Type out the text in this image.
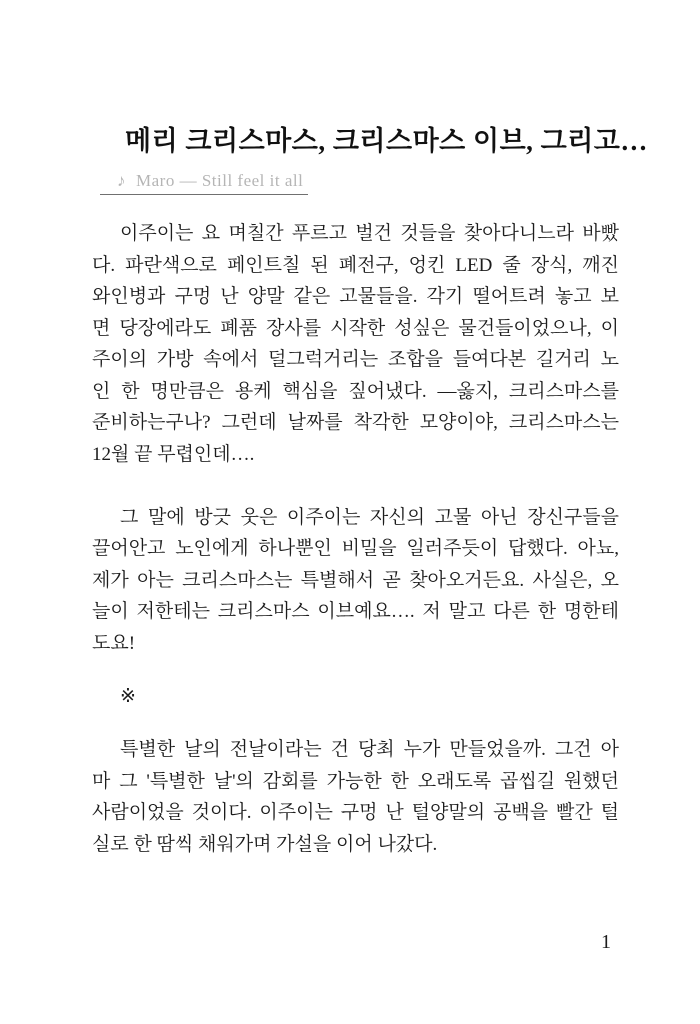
메리 크리스마스, 크리스마스 이브, 그리고…
♪ Maro — Still feel it all
이주이는 요 며칠간 푸르고 벌건 것들을 찾아다니느라 바빴
다. 파란색으로 페인트칠 된 폐전구, 엉킨 LED 줄 장식, 깨진
와인병과 구멍 난 양말 같은 고물들을. 각기 떨어트려 놓고 보
면 당장에라도 폐품 장사를 시작한 성싶은 물건들이었으나, 이
주이의 가방 속에서 덜그럭거리는 조합을 들여다본 길거리 노
인 한 명만큼은 용케 핵심을 짚어냈다. —옳지, 크리스마스를
준비하는구나? 그런데 날짜를 착각한 모양이야, 크리스마스는
12월 끝 무렵인데….
그 말에 방긋 웃은 이주이는 자신의 고물 아닌 장신구들을
끌어안고 노인에게 하나뿐인 비밀을 일러주듯이 답했다. 아뇨,
제가 아는 크리스마스는 특별해서 곧 찾아오거든요. 사실은, 오
늘이 저한테는 크리스마스 이브예요…. 저 말고 다른 한 명한테
도요!
※
특별한 날의 전날이라는 건 당최 누가 만들었을까. 그건 아
마 그 '특별한 날'의 감회를 가능한 한 오래도록 곱씹길 원했던
사람이었을 것이다. 이주이는 구멍 난 털양말의 공백을 빨간 털
실로 한 땀씩 채워가며 가설을 이어 나갔다.
1
